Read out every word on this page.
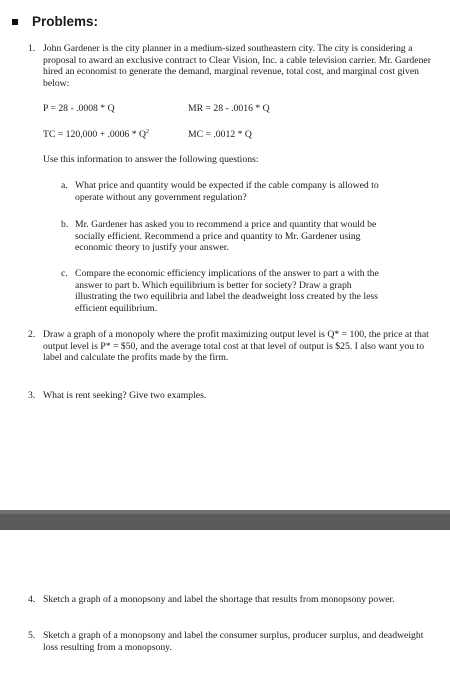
Problems:
1. John Gardener is the city planner in a medium-sized southeastern city. The city is considering a proposal to award an exclusive contract to Clear Vision, Inc. a cable television carrier. Mr. Gardener hired an economist to generate the demand, marginal revenue, total cost, and marginal cost given below:
P = 28 - .0008 * Q	MR = 28 - .0016 * Q
TC = $120,000 + .0006 * Q^2$	MC = .0012 * Q
Use this information to answer the following questions:
a. What price and quantity would be expected if the cable company is allowed to operate without any government regulation?
b. Mr. Gardener has asked you to recommend a price and quantity that would be socially efficient. Recommend a price and quantity to Mr. Gardener using economic theory to justify your answer.
c. Compare the economic efficiency implications of the answer to part a with the answer to part b. Which equilibrium is better for society? Draw a graph illustrating the two equilibria and label the deadweight loss created by the less efficient equilibrium.
2. Draw a graph of a monopoly where the profit maximizing output level is Q* = 100, the price at that output level is P* = $50, and the average total cost at that level of output is $25. I also want you to label and calculate the profits made by the firm.
3. What is rent seeking? Give two examples.
4. Sketch a graph of a monopsony and label the shortage that results from monopsony power.
5. Sketch a graph of a monopsony and label the consumer surplus, producer surplus, and deadweight loss resulting from a monopsony.
